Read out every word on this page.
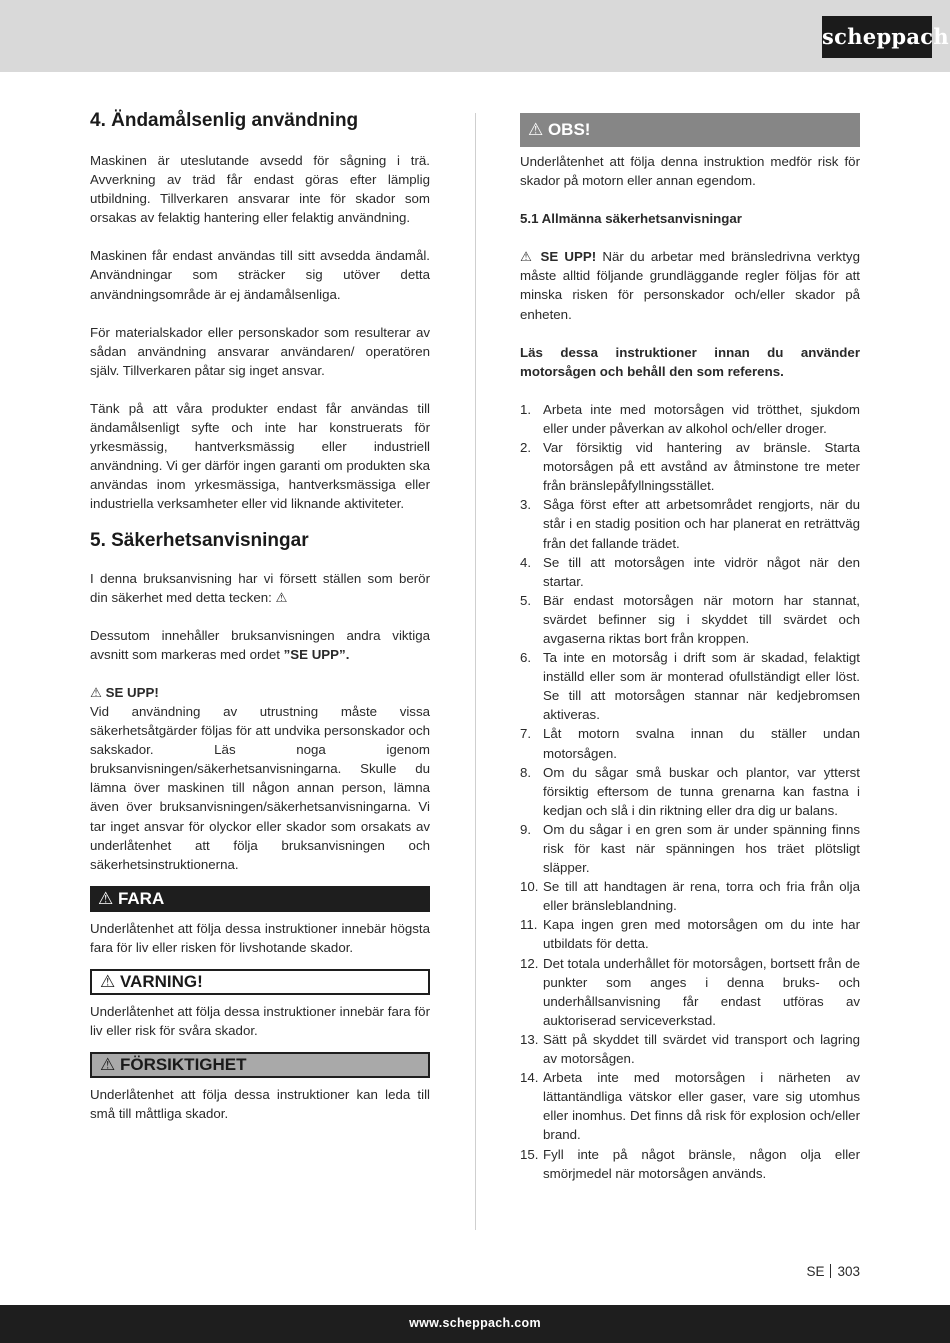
scheppach
4. Ändamålsenlig användning

Maskinen är uteslutande avsedd för sågning i trä. Avverkning av träd får endast göras efter lämplig utbildning. Tillverkaren ansvarar inte för skador som orsakas av felaktig hantering eller felaktig användning.

Maskinen får endast användas till sitt avsedda ändamål. Användningar som sträcker sig utöver detta användningsområde är ej ändamålsenliga.

För materialskador eller personskador som resulterar av sådan användning ansvarar användaren/ operatören själv. Tillverkaren påtar sig inget ansvar.

Tänk på att våra produkter endast får användas till ändamålsenligt syfte och inte har konstruerats för yrkesmässig, hantverksmässig eller industriell användning. Vi ger därför ingen garanti om produkten ska användas inom yrkesmässiga, hantverksmässiga eller industriella verksamheter eller vid liknande aktiviteter.

5. Säkerhetsanvisningar

I denna bruksanvisning har vi försett ställen som berör din säkerhet med detta tecken: ⚠

Dessutom innehåller bruksanvisningen andra viktiga avsnitt som markeras med ordet ”SE UPP”.

⚠ SE UPP!

Vid användning av utrustning måste vissa säkerhetsåtgärder följas för att undvika personskador och sakskador. Läs noga igenom bruksanvisningen/säkerhetsanvisningarna. Skulle du lämna över maskinen till någon annan person, lämna även över bruksanvisningen/säkerhetsanvisningarna. Vi tar inget ansvar för olyckor eller skador som orsakats av underlåtenhet att följa bruksanvisningen och säkerhetsinstruktionerna.

⚠ FARA

Underlåtenhet att följa dessa instruktioner innebär högsta fara för liv eller risken för livshotande skador.

⚠ VARNING!

Underlåtenhet att följa dessa instruktioner innebär fara för liv eller risk för svåra skador.

⚠ FÖRSIKTIGHET

Underlåtenhet att följa dessa instruktioner kan leda till små till måttliga skador.

⚠ OBS!

Underlåtenhet att följa denna instruktion medför risk för skador på motorn eller annan egendom.

5.1 Allmänna säkerhetsanvisningar

⚠ SE UPP! När du arbetar med bränsledrivna verktyg måste alltid följande grundläggande regler följas för att minska risken för personskador och/eller skador på enheten.

Läs dessa instruktioner innan du använder motorsågen och behåll den som referens.

1. Arbeta inte med motorsågen vid trötthet, sjukdom eller under påverkan av alkohol och/eller droger.
2. Var försiktig vid hantering av bränsle. Starta motorsågen på ett avstånd av åtminstone tre meter från bränslepåfyllningsstället.
3. Såga först efter att arbetsområdet rengjorts, när du står i en stadig position och har planerat en reträttväg från det fallande trädet.
4. Se till att motorsågen inte vidrör något när den startar.
5. Bär endast motorsågen när motorn har stannat, svärdet befinner sig i skyddet till svärdet och avgaserna riktas bort från kroppen.
6. Ta inte en motorsåg i drift som är skadad, felaktigt inställd eller som är monterad ofullständigt eller löst. Se till att motorsågen stannar när kedjebromsen aktiveras.
7. Låt motorn svalna innan du ställer undan motorsågen.
8. Om du sågar små buskar och plantor, var ytterst försiktig eftersom de tunna grenarna kan fastna i kedjan och slå i din riktning eller dra dig ur balans.
9. Om du sågar i en gren som är under spänning finns risk för kast när spänningen hos träet plötsligt släpper.
10. Se till att handtagen är rena, torra och fria från olja eller bränsleblandning.
11. Kapa ingen gren med motorsågen om du inte har utbildats för detta.
12. Det totala underhållet för motorsågen, bortsett från de punkter som anges i denna bruks- och underhållsanvisning får endast utföras av auktoriserad serviceverkstad.
13. Sätt på skyddet till svärdet vid transport och lagring av motorsågen.
14. Arbeta inte med motorsågen i närheten av lättantändliga vätskor eller gaser, vare sig utomhus eller inomhus. Det finns då risk för explosion och/eller brand.
15. Fyll inte på något bränsle, någon olja eller smörjmedel när motorsågen används.
SE 303
www.scheppach.com
